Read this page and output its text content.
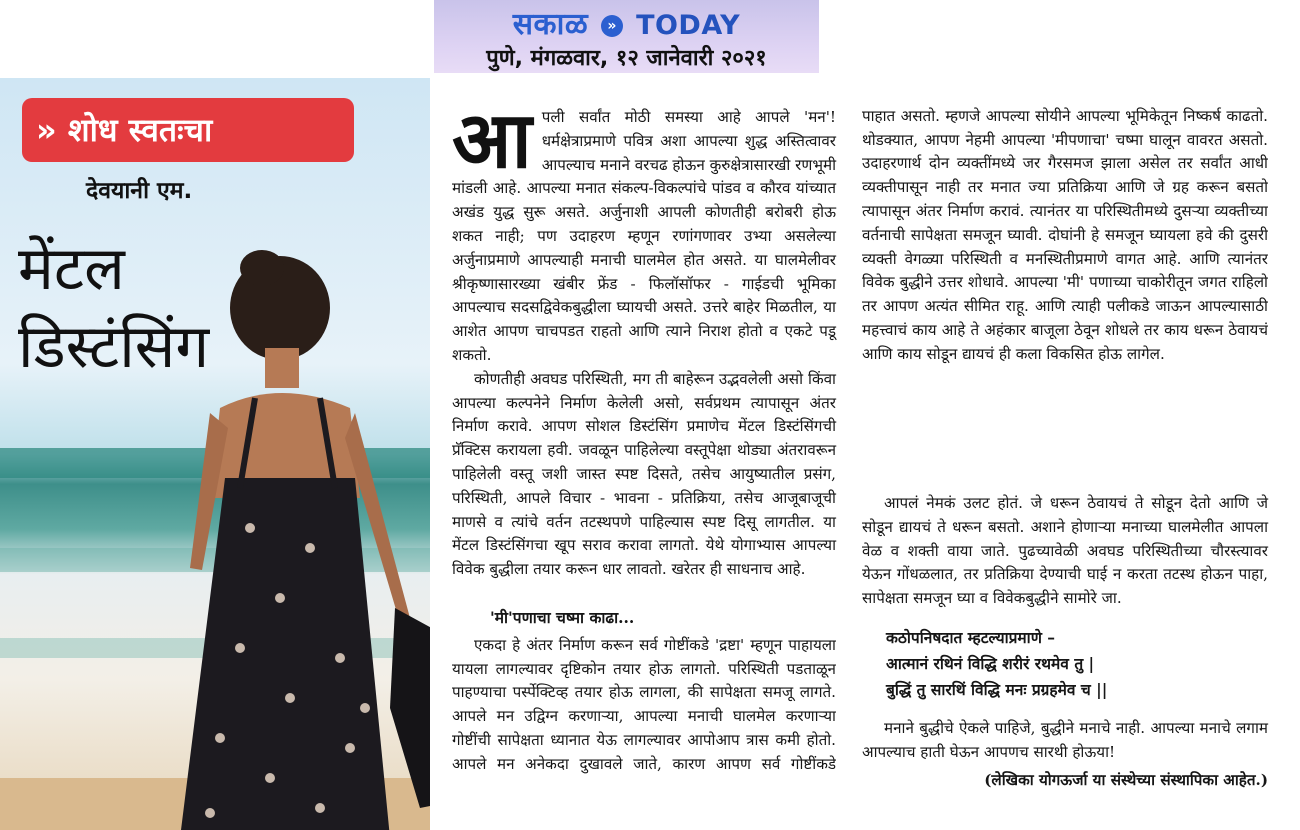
सकाळ » TODAY
पुणे, मंगळवार, १२ जानेवारी २०२१
» शोध स्वतःचा
देवयानी एम.
मेंटल
डिस्टंसिंग

आपली सर्वांत मोठी समस्या आहे आपले 'मन'! धर्मक्षेत्राप्रमाणे पवित्र अशा आपल्या शुद्ध अस्तित्वावर आपल्याच मनाने वरचढ होऊन कुरुक्षेत्रासारखी रणभूमी मांडली आहे. आपल्या मनात संकल्प-विकल्पांचे पांडव व कौरव यांच्यात अखंड युद्ध सुरू असते. अर्जुनाशी आपली कोणतीही बरोबरी होऊ शकत नाही; पण उदाहरण म्हणून रणांगणावर उभ्या असलेल्या अर्जुनाप्रमाणे आपल्याही मनाची घालमेल होत असते. या घालमेलीवर श्रीकृष्णासारख्या खंबीर फ्रेंड - फिलॉसॉफर - गाईडची भूमिका आपल्याच सदसद्विवेकबुद्धीला घ्यायची असते. उत्तरे बाहेर मिळतील, या आशेत आपण चाचपडत राहतो आणि त्याने निराश होतो व एकटे पडू शकतो.

कोणतीही अवघड परिस्थिती, मग ती बाहेरून उद्भवलेली असो किंवा आपल्या कल्पनेने निर्माण केलेली असो, सर्वप्रथम त्यापासून अंतर निर्माण करावे. आपण सोशल डिस्टंसिंग प्रमाणेच मेंटल डिस्टंसिंगची प्रॅक्टिस करायला हवी. जवळून पाहिलेल्या वस्तूपेक्षा थोड्या अंतरावरून पाहिलेली वस्तू जशी जास्त स्पष्ट दिसते, तसेच आयुष्यातील प्रसंग, परिस्थिती, आपले विचार - भावना - प्रतिक्रिया, तसेच आजूबाजूची माणसे व त्यांचे वर्तन तटस्थपणे पाहिल्यास स्पष्ट दिसू लागतील. या मेंटल डिस्टंसिंगचा खूप सराव करावा लागतो. येथे योगाभ्यास आपल्या विवेक बुद्धीला तयार करून धार लावतो. खरेतर ही साधनाच आहे.

'मी'पणाचा चष्मा काढा...

एकदा हे अंतर निर्माण करून सर्व गोष्टींकडे 'द्रष्टा' म्हणून पाहायला यायला लागल्यावर दृष्टिकोन तयार होऊ लागतो. परिस्थिती पडताळून पाहण्याचा पर्स्पेक्टिव्ह तयार होऊ लागला, की सापेक्षता समजू लागते. आपले मन उद्विग्न करणाऱ्या, आपल्या मनाची घालमेल करणाऱ्या गोष्टींची सापेक्षता ध्यानात येऊ लागल्यावर आपोआप त्रास कमी होतो. आपले मन अनेकदा दुखावले जाते, कारण आपण सर्व गोष्टींकडे

पाहात असतो. म्हणजे आपल्या सोयीने आपल्या भूमिकेतून निष्कर्ष काढतो. थोडक्यात, आपण नेहमी आपल्या 'मीपणाचा' चष्मा घालून वावरत असतो. उदाहरणार्थ दोन व्यक्तींमध्ये जर गैरसमज झाला असेल तर सर्वांत आधी व्यक्तीपासून नाही तर मनात ज्या प्रतिक्रिया आणि जे ग्रह करून बसतो त्यापासून अंतर निर्माण करावं. त्यानंतर या परिस्थितीमध्ये दुसऱ्या व्यक्तीच्या वर्तनाची सापेक्षता समजून घ्यावी. दोघांनी हे समजून घ्यायला हवे की दुसरी व्यक्ती वेगळ्या परिस्थिती व मनस्थितीप्रमाणे वागत आहे. आणि त्यानंतर विवेक बुद्धीने उत्तर शोधावे. आपल्या 'मी' पणाच्या चाकोरीतून जगत राहिलो तर आपण अत्यंत सीमित राहू. आणि त्याही पलीकडे जाऊन आपल्यासाठी महत्त्वाचं काय आहे ते अहंकार बाजूला ठेवून शोधले तर काय धरून ठेवायचं आणि काय सोडून द्यायचं ही कला विकसित होऊ लागेल.

आपलं नेमकं उलट होतं. जे धरून ठेवायचं ते सोडून देतो आणि जे सोडून द्यायचं ते धरून बसतो. अशाने होणाऱ्या मनाच्या घालमेलीत आपला वेळ व शक्ती वाया जाते. पुढच्यावेळी अवघड परिस्थितीच्या चौरस्त्यावर येऊन गोंधळलात, तर प्रतिक्रिया देण्याची घाई न करता तटस्थ होऊन पाहा, सापेक्षता समजून घ्या व विवेकबुद्धीने सामोरे जा.

कठोपनिषदात म्हटल्याप्रमाणे –
आत्मानं रथिनं विद्धि शरीरं रथमेव तु |
बुद्धिं तु सारथिं विद्धि मनः प्रग्रहमेव च ||

मनाने बुद्धीचे ऐकले पाहिजे, बुद्धीने मनाचे नाही. आपल्या मनाचे लगाम आपल्याच हाती घेऊन आपणच सारथी होऊया!

(लेखिका योगऊर्जा या संस्थेच्या संस्थापिका आहेत.)
